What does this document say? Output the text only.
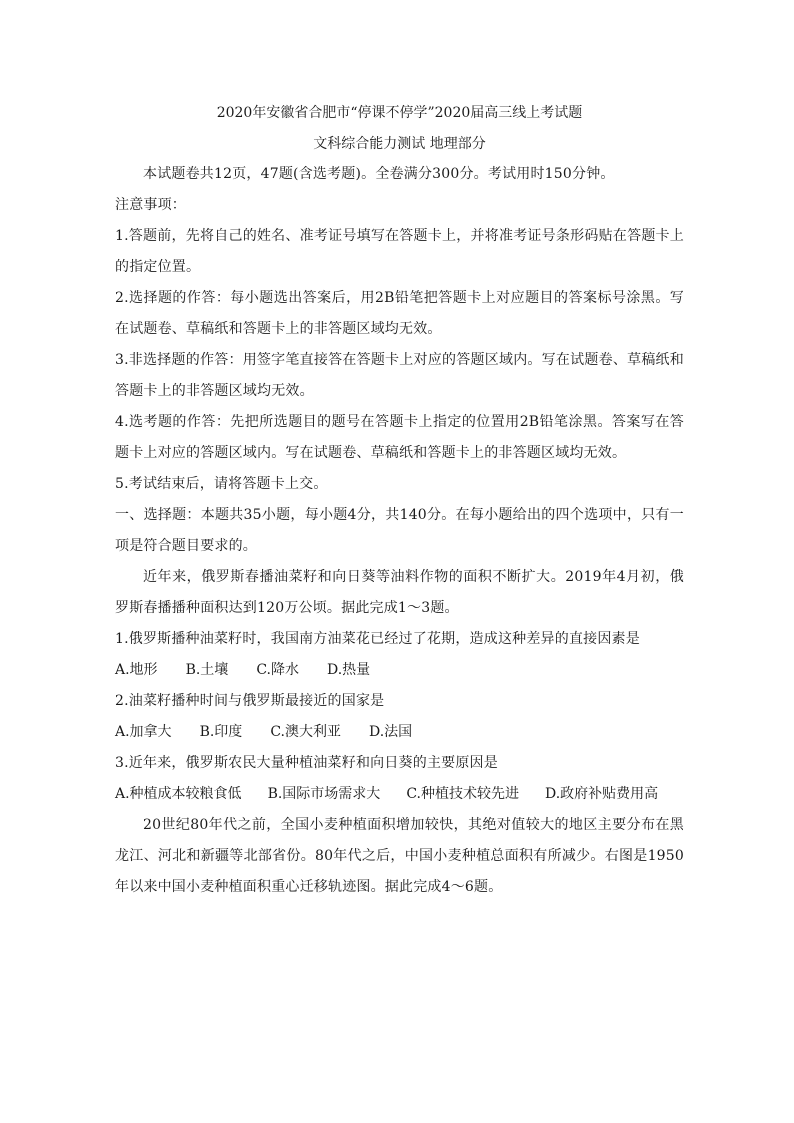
2020年安徽省合肥市“停课不停学”2020届高三线上考试题

文科综合能力测试 地理部分

本试题卷共12页，47题(含选考题)。全卷满分300分。考试用时150分钟。

注意事项：

1.答题前，先将自己的姓名、准考证号填写在答题卡上，并将准考证号条形码贴在答题卡上的指定位置。

2.选择题的作答：每小题选出答案后，用2B铅笔把答题卡上对应题目的答案标号涂黑。写在试题卷、草稿纸和答题卡上的非答题区域均无效。

3.非选择题的作答：用签字笔直接答在答题卡上对应的答题区域内。写在试题卷、草稿纸和答题卡上的非答题区域均无效。

4.选考题的作答：先把所选题目的题号在答题卡上指定的位置用2B铅笔涂黑。答案写在答题卡上对应的答题区域内。写在试题卷、草稿纸和答题卡上的非答题区域均无效。

5.考试结束后，请将答题卡上交。

一、选择题：本题共35小题，每小题4分，共140分。在每小题给出的四个选项中，只有一项是符合题目要求的。

近年来，俄罗斯春播油菜籽和向日葵等油料作物的面积不断扩大。2019年4月初，俄罗斯春播播种面积达到120万公顷。据此完成1～3题。

1.俄罗斯播种油菜籽时，我国南方油菜花已经过了花期，造成这种差异的直接因素是

A.地形 B.土壤 C.降水 D.热量

2.油菜籽播种时间与俄罗斯最接近的国家是

A.加拿大 B.印度 C.澳大利亚 D.法国

3.近年来，俄罗斯农民大量种植油菜籽和向日葵的主要原因是

A.种植成本较粮食低 B.国际市场需求大 C.种植技术较先进 D.政府补贴费用高

20世纪80年代之前，全国小麦种植面积增加较快，其绝对值较大的地区主要分布在黑龙江、河北和新疆等北部省份。80年代之后，中国小麦种植总面积有所减少。右图是1950年以来中国小麦种植面积重心迁移轨迹图。据此完成4～6题。
